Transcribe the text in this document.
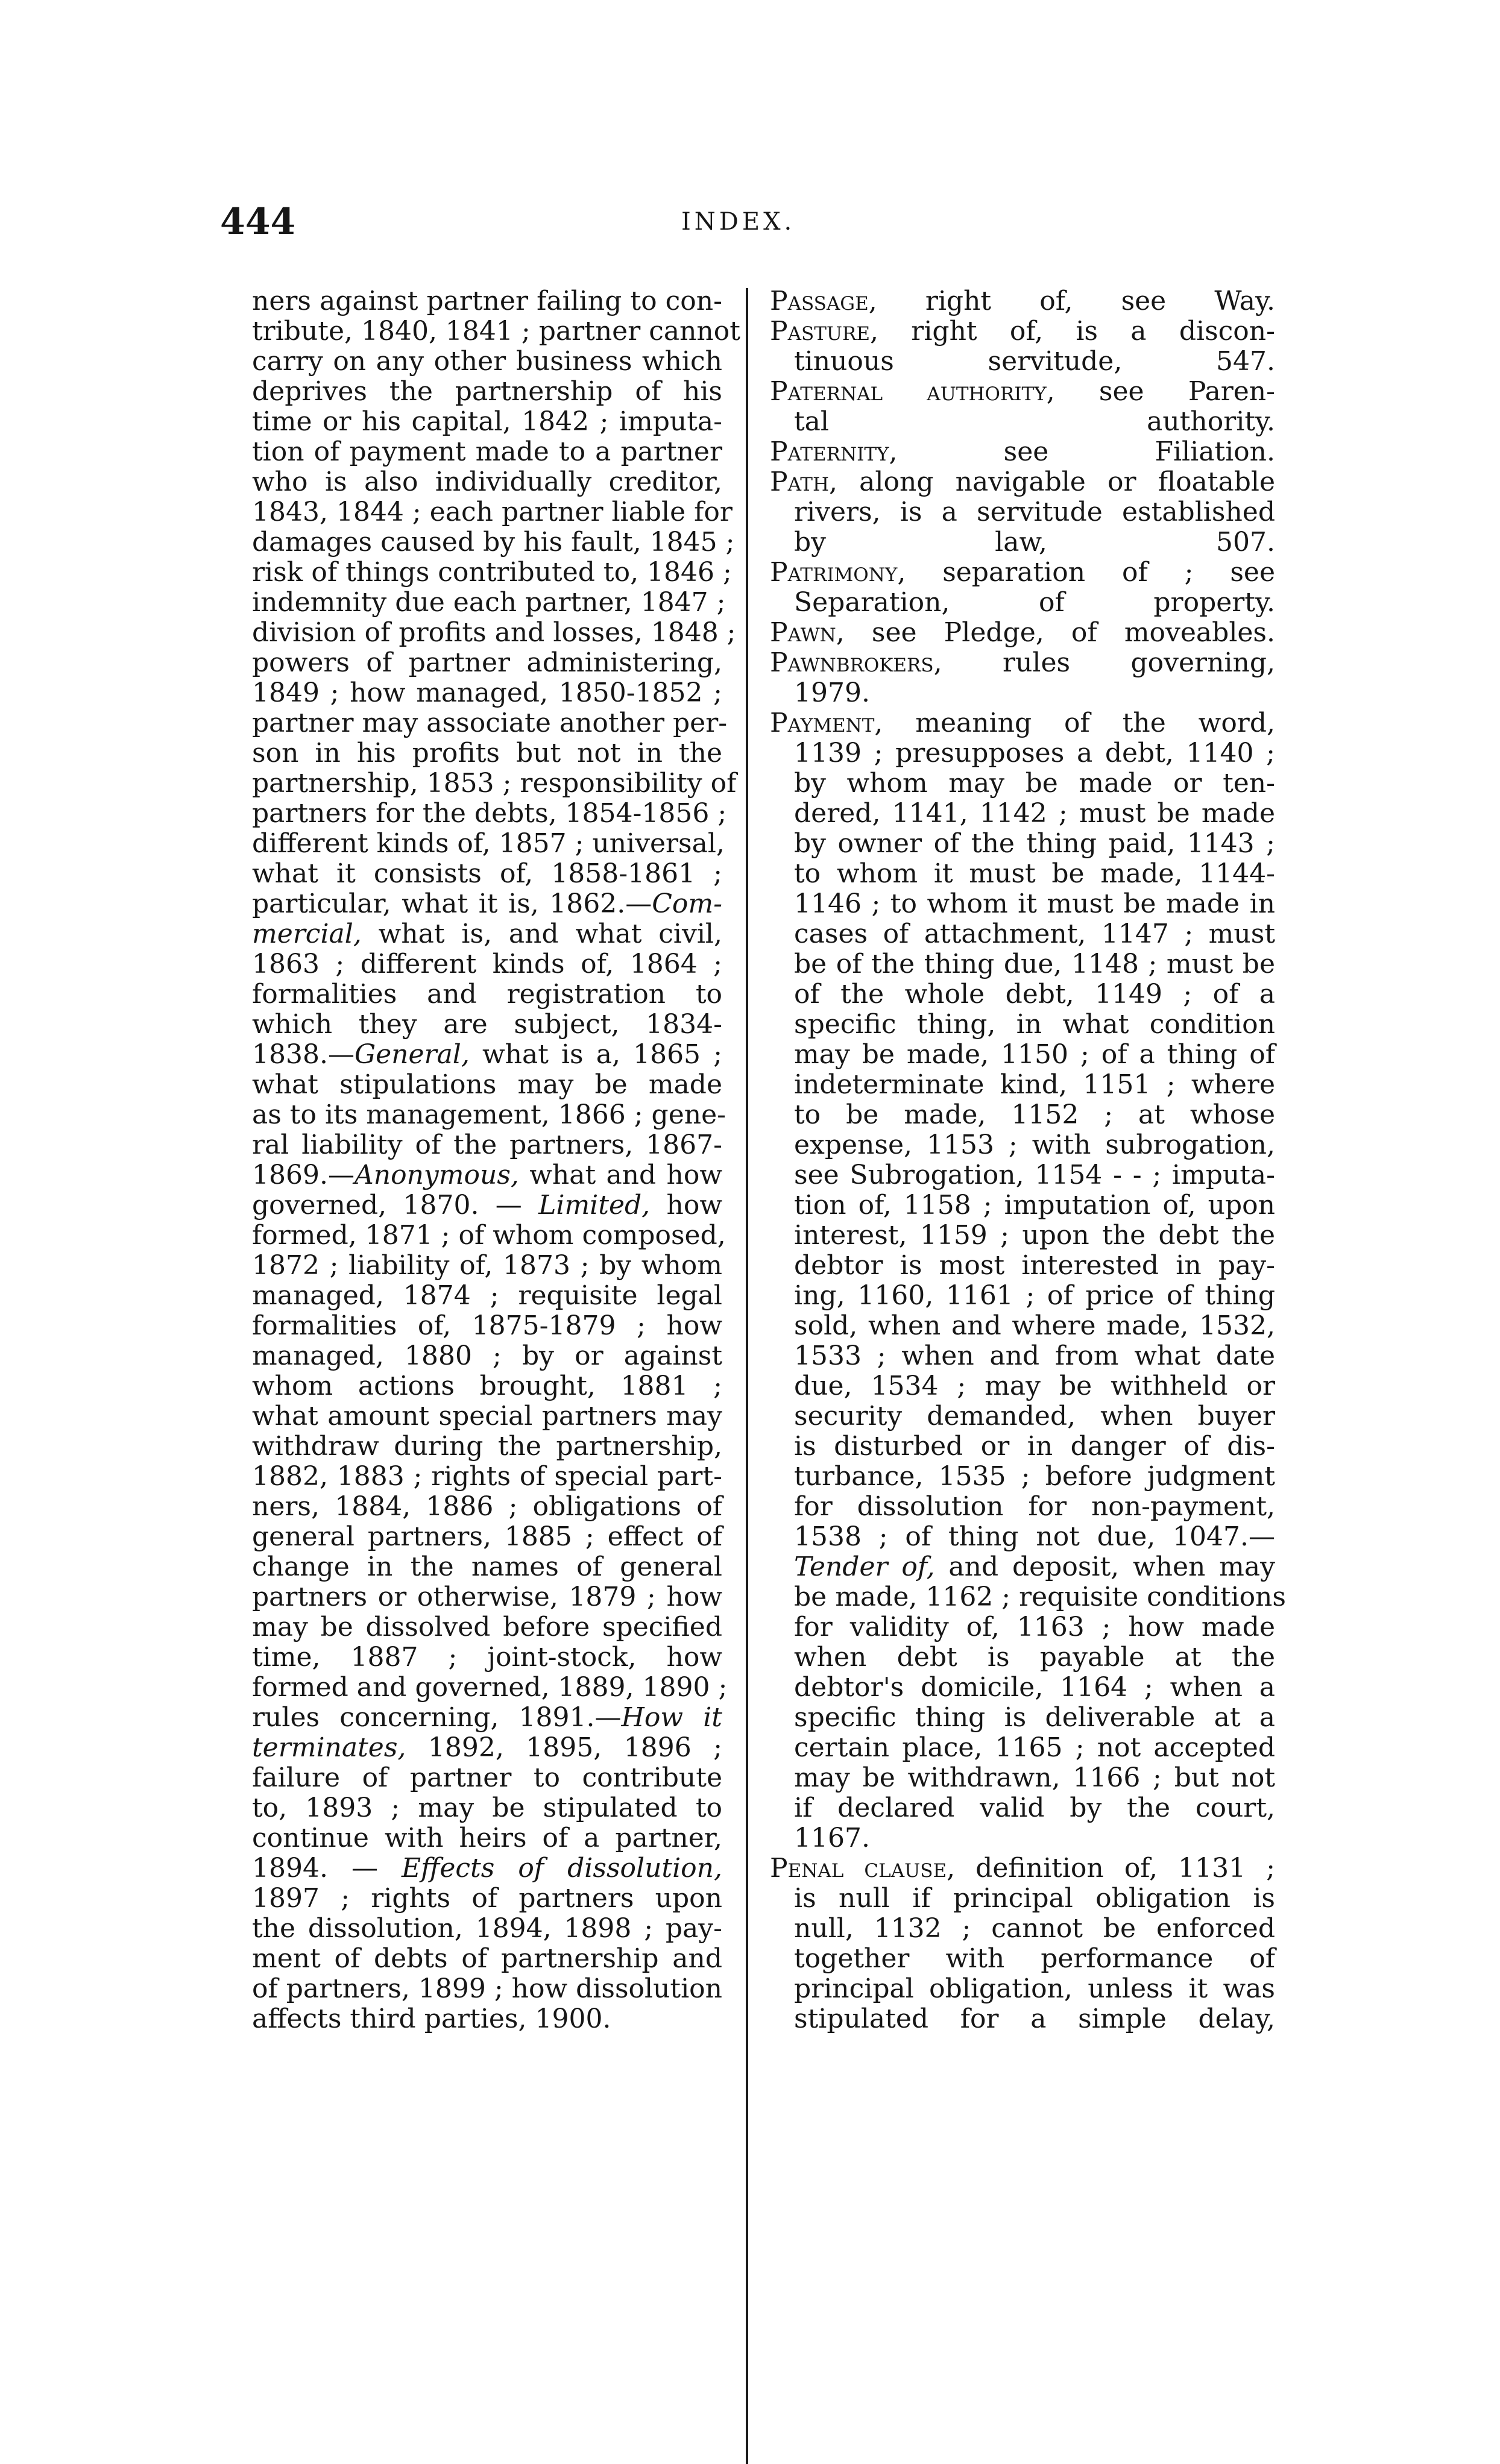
444	INDEX.
ners against partner failing to con-
tribute, 1840, 1841 ; partner cannot
carry on any other business which
deprives the partnership of his
time or his capital, 1842 ; imputa-
tion of payment made to a partner
who is also individually creditor,
1843, 1844 ; each partner liable for
damages caused by his fault, 1845 ;
risk of things contributed to, 1846 ;
indemnity due each partner, 1847 ;
division of profits and losses, 1848 ;
powers of partner administering,
1849 ; how managed, 1850-1852 ;
partner may associate another per-
son in his profits but not in the
partnership, 1853 ; responsibility of
partners for the debts, 1854-1856 ;
different kinds of, 1857 ; universal,
what it consists of, 1858-1861 ;
particular, what it is, 1862.—Com-
mercial, what is, and what civil,
1863 ; different kinds of, 1864 ;
formalities and registration to
which they are subject, 1834-
1838.—General, what is a, 1865 ;
what stipulations may be made
as to its management, 1866 ; gene-
ral liability of the partners, 1867-
1869.—Anonymous, what and how
governed, 1870. — Limited, how
formed, 1871 ; of whom composed,
1872 ; liability of, 1873 ; by whom
managed, 1874 ; requisite legal
formalities of, 1875-1879 ; how
managed, 1880 ; by or against
whom actions brought, 1881 ;
what amount special partners may
withdraw during the partnership,
1882, 1883 ; rights of special part-
ners, 1884, 1886 ; obligations of
general partners, 1885 ; effect of
change in the names of general
partners or otherwise, 1879 ; how
may be dissolved before specified
time, 1887 ; joint-stock, how
formed and governed, 1889, 1890 ;
rules concerning, 1891.—How it
terminates, 1892, 1895, 1896 ;
failure of partner to contribute
to, 1893 ; may be stipulated to
continue with heirs of a partner,
1894. — Effects of dissolution,
1897 ; rights of partners upon
the dissolution, 1894, 1898 ; pay-
ment of debts of partnership and
of partners, 1899 ; how dissolution
affects third parties, 1900.
Passage, right of, see Way.
Pasture, right of, is a discon-
tinuous servitude, 547.
Paternal authority, see Paren-
tal authority.
Paternity, see Filiation.
Path, along navigable or floatable
rivers, is a servitude established
by law, 507.
Patrimony, separation of ; see
Separation, of property.
Pawn, see Pledge, of moveables.
Pawnbrokers, rules governing,
1979.
Payment, meaning of the word,
1139 ; presupposes a debt, 1140 ;
by whom may be made or ten-
dered, 1141, 1142 ; must be made
by owner of the thing paid, 1143 ;
to whom it must be made, 1144-
1146 ; to whom it must be made in
cases of attachment, 1147 ; must
be of the thing due, 1148 ; must be
of the whole debt, 1149 ; of a
specific thing, in what condition
may be made, 1150 ; of a thing of
indeterminate kind, 1151 ; where
to be made, 1152 ; at whose
expense, 1153 ; with subrogation,
see Subrogation, 1154 - - ; imputa-
tion of, 1158 ; imputation of, upon
interest, 1159 ; upon the debt the
debtor is most interested in pay-
ing, 1160, 1161 ; of price of thing
sold, when and where made, 1532,
1533 ; when and from what date
due, 1534 ; may be withheld or
security demanded, when buyer
is disturbed or in danger of dis-
turbance, 1535 ; before judgment
for dissolution for non-payment,
1538 ; of thing not due, 1047.—
Tender of, and deposit, when may
be made, 1162 ; requisite conditions
for validity of, 1163 ; how made
when debt is payable at the
debtor's domicile, 1164 ; when a
specific thing is deliverable at a
certain place, 1165 ; not accepted
may be withdrawn, 1166 ; but not
if declared valid by the court,
1167.
Penal clause, definition of, 1131 ;
is null if principal obligation is
null, 1132 ; cannot be enforced
together with performance of
principal obligation, unless it was
stipulated for a simple delay,
